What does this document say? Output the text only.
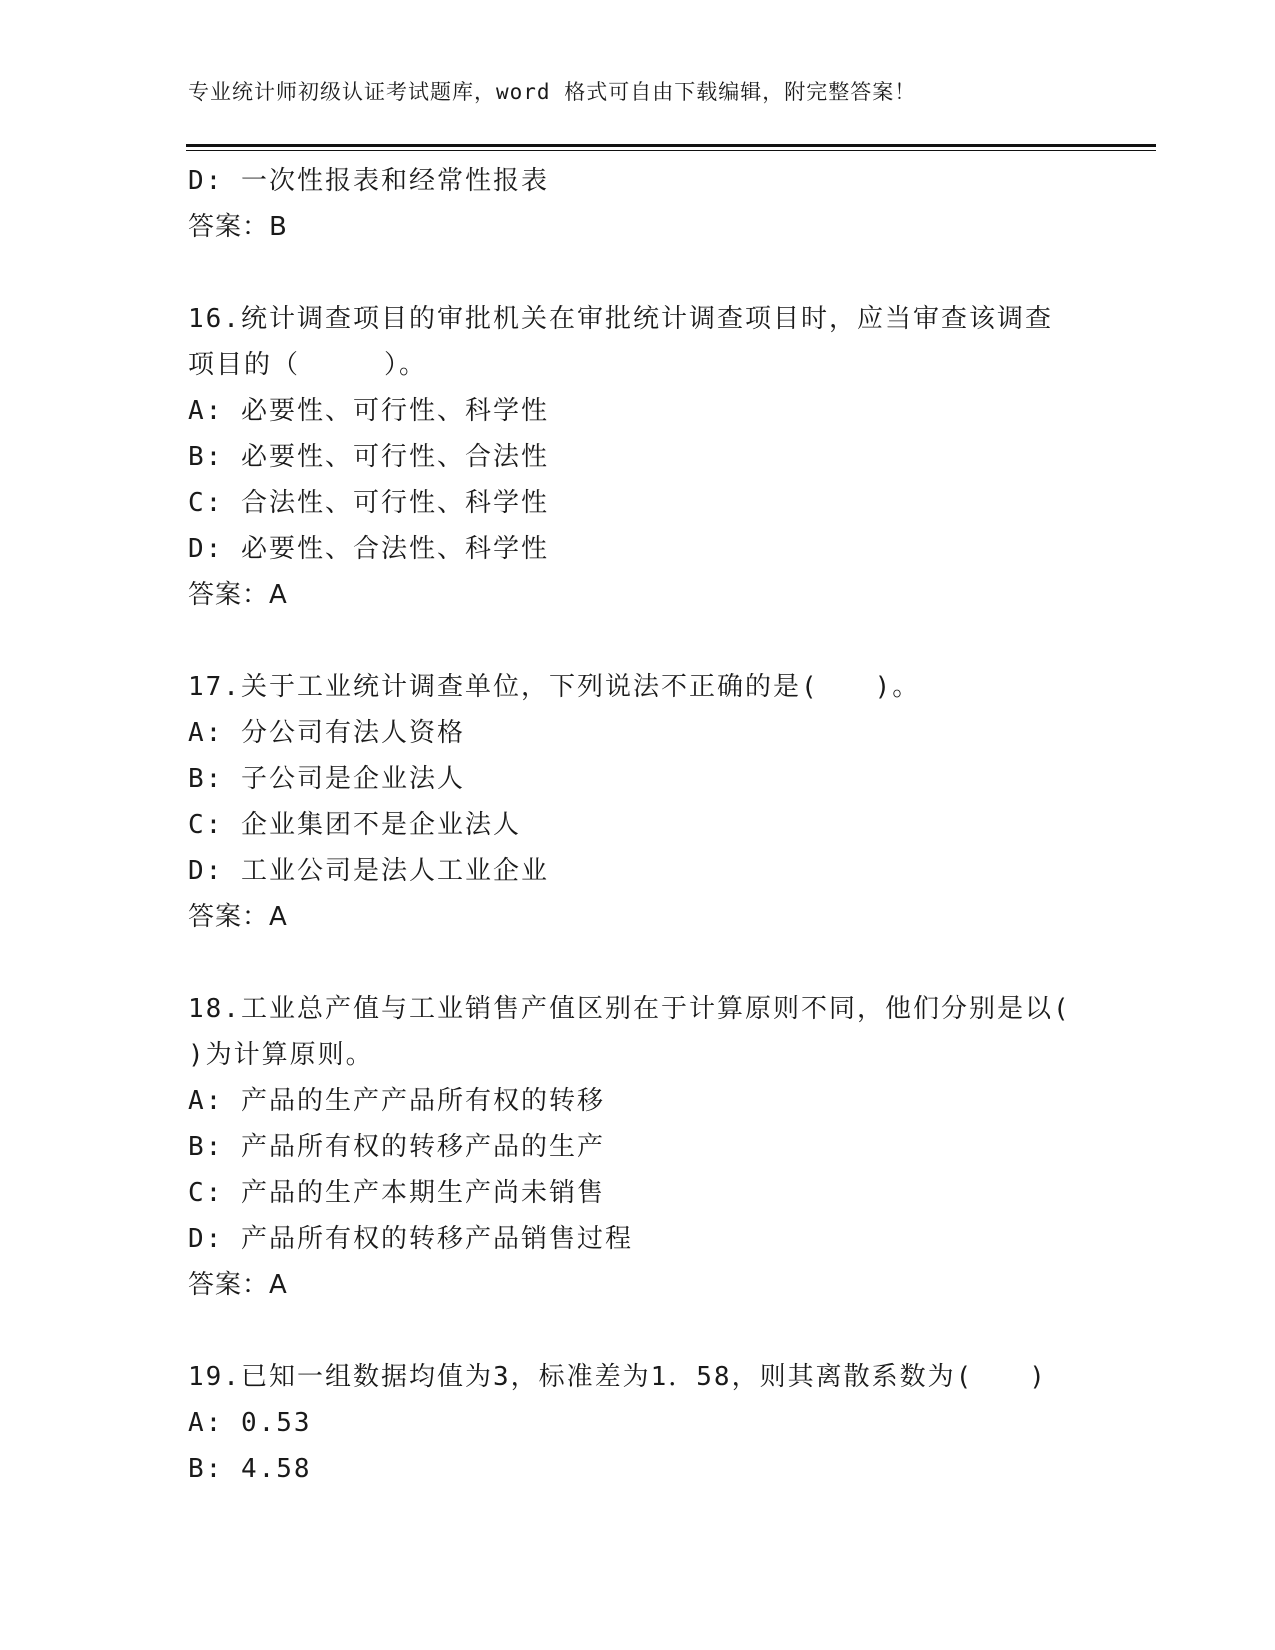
专业统计师初级认证考试题库，word 格式可自由下载编辑，附完整答案！
D: 一次性报表和经常性报表
答案：B
16.统计调查项目的审批机关在审批统计调查项目时，应当审查该调查项目的（　　　）。
A: 必要性、可行性、科学性
B: 必要性、可行性、合法性
C: 合法性、可行性、科学性
D: 必要性、合法性、科学性
答案：A
17.关于工业统计调查单位，下列说法不正确的是(　　)。
A: 分公司有法人资格
B: 子公司是企业法人
C: 企业集团不是企业法人
D: 工业公司是法人工业企业
答案：A
18.工业总产值与工业销售产值区别在于计算原则不同，他们分别是以(　　)为计算原则。
A: 产品的生产产品所有权的转移
B: 产品所有权的转移产品的生产
C: 产品的生产本期生产尚未销售
D: 产品所有权的转移产品销售过程
答案：A
19.已知一组数据均值为3，标准差为1．58，则其离散系数为(　　)
A: 0.53
B: 4.58
